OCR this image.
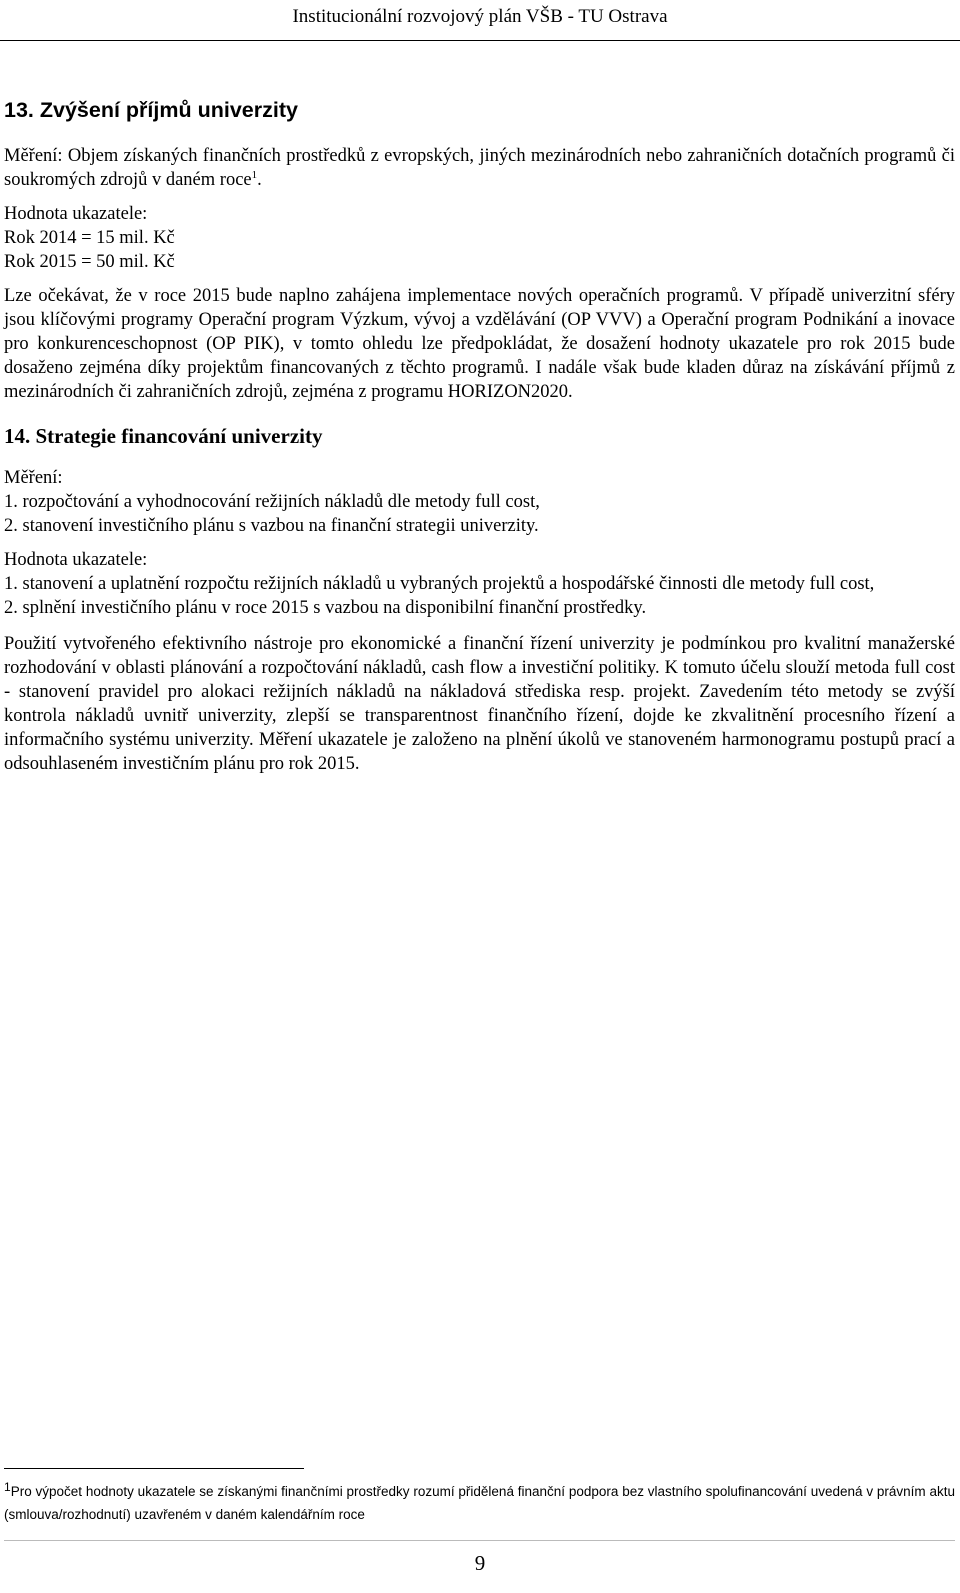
Institucionální rozvojový plán VŠB - TU Ostrava
13. Zvýšení příjmů univerzity

Měření: Objem získaných finančních prostředků z evropských, jiných mezinárodních nebo zahraničních dotačních programů či soukromých zdrojů v daném roce$^1$.

Hodnota ukazatele:

Rok 2014 = 15 mil. Kč

Rok 2015 = 50 mil. Kč

Lze očekávat, že v roce 2015 bude naplno zahájena implementace nových operačních programů. V případě univerzitní sféry jsou klíčovými programy Operační program Výzkum, vývoj a vzdělávání (OP VVV) a Operační program Podnikání a inovace pro konkurenceschopnost (OP PIK), v tomto ohledu lze předpokládat, že dosažení hodnoty ukazatele pro rok 2015 bude dosaženo zejména díky projektům financovaných z těchto programů. I nadále však bude kladen důraz na získávání příjmů z mezinárodních či zahraničních zdrojů, zejména z programu HORIZON2020.

14. Strategie financování univerzity

Měření:

1. rozpočtování a vyhodnocování režijních nákladů dle metody full cost,

2. stanovení investičního plánu s vazbou na finanční strategii univerzity.

Hodnota ukazatele:

1. stanovení a uplatnění rozpočtu režijních nákladů u vybraných projektů a hospodářské činnosti dle metody full cost,

2. splnění investičního plánu v roce 2015 s vazbou na disponibilní finanční prostředky.

Použití vytvořeného efektivního nástroje pro ekonomické a finanční řízení univerzity je podmínkou pro kvalitní manažerské rozhodování v oblasti plánování a rozpočtování nákladů, cash flow a investiční politiky. K tomuto účelu slouží metoda full cost - stanovení pravidel pro alokaci režijních nákladů na nákladová střediska resp. projekt. Zavedením této metody se zvýší kontrola nákladů uvnitř univerzity, zlepší se transparentnost finančního řízení, dojde ke zkvalitnění procesního řízení a informačního systému univerzity. Měření ukazatele je založeno na plnění úkolů ve stanoveném harmonogramu postupů prací a odsouhlaseném investičním plánu pro rok 2015.

$^1$Pro výpočet hodnoty ukazatele se získanými finančními prostředky rozumí přidělená finanční podpora bez vlastního spolufinancování uvedená v právním aktu (smlouva/rozhodnutí) uzavřeném v daném kalendářním roce
9
